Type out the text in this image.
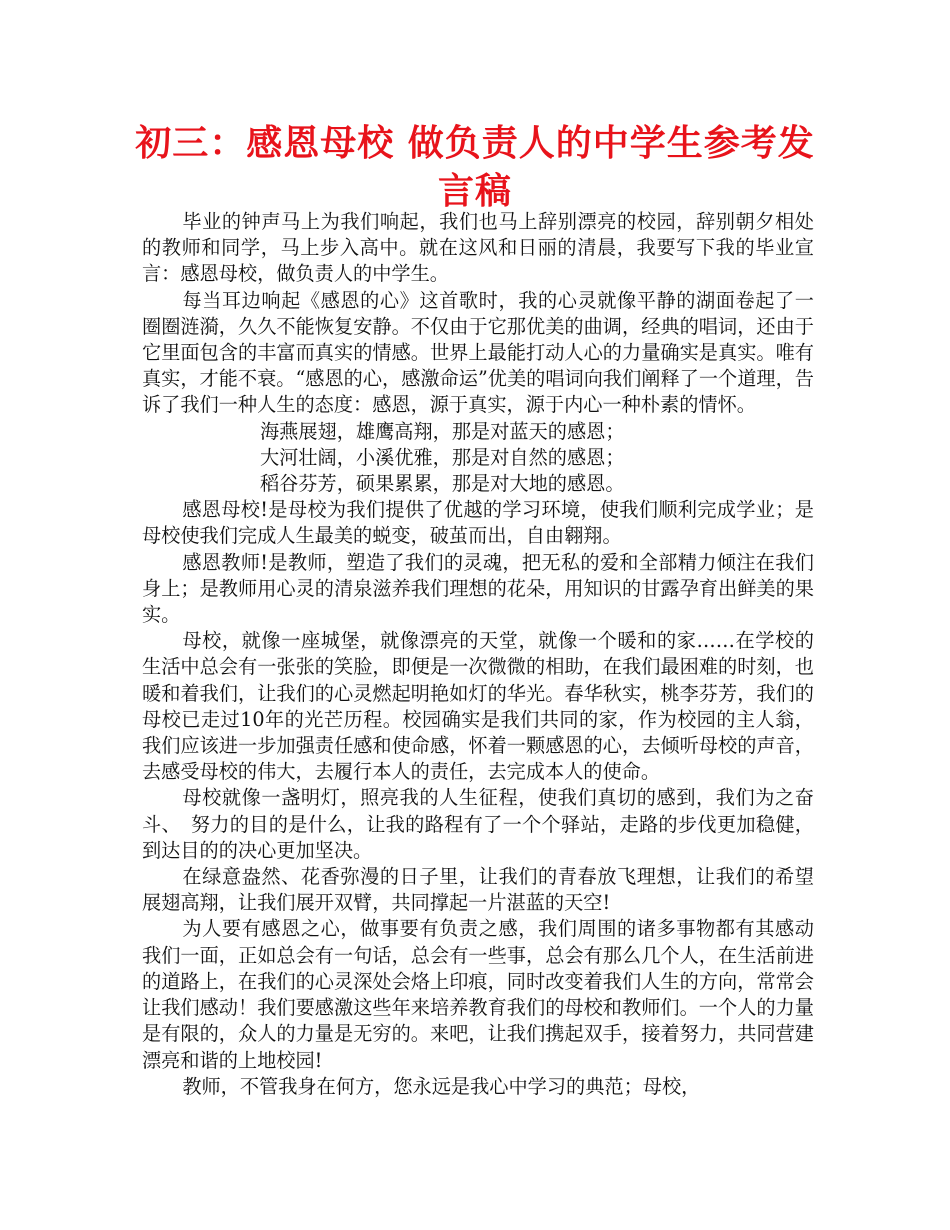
初三：感恩母校 做负责人的中学生参考发言稿

毕业的钟声马上为我们响起，我们也马上辞别漂亮的校园，辞别朝夕相处的教师和同学，马上步入高中。就在这风和日丽的清晨，我要写下我的毕业宣言：感恩母校，做负责人的中学生。

每当耳边响起《感恩的心》这首歌时，我的心灵就像平静的湖面卷起了一圈圈涟漪，久久不能恢复安静。不仅由于它那优美的曲调，经典的唱词，还由于它里面包含的丰富而真实的情感。世界上最能打动人心的力量确实是真实。唯有真实，才能不衰。“感恩的心，感激命运”优美的唱词向我们阐释了一个道理，告诉了我们一种人生的态度：感恩，源于真实，源于内心一种朴素的情怀。

海燕展翅，雄鹰高翔，那是对蓝天的感恩；

大河壮阔，小溪优雅，那是对自然的感恩；

稻谷芬芳，硕果累累，那是对大地的感恩。

感恩母校!是母校为我们提供了优越的学习环境，使我们顺利完成学业；是母校使我们完成人生最美的蜕变，破茧而出，自由翱翔。

感恩教师!是教师，塑造了我们的灵魂，把无私的爱和全部精力倾注在我们身上；是教师用心灵的清泉滋养我们理想的花朵，用知识的甘露孕育出鲜美的果实。

母校，就像一座城堡，就像漂亮的天堂，就像一个暖和的家……在学校的生活中总会有一张张的笑脸，即便是一次微微的相助，在我们最困难的时刻，也暖和着我们，让我们的心灵燃起明艳如灯的华光。春华秋实，桃李芬芳，我们的母校已走过10年的光芒历程。校园确实是我们共同的家，作为校园的主人翁，我们应该进一步加强责任感和使命感，怀着一颗感恩的心，去倾听母校的声音，去感受母校的伟大，去履行本人的责任，去完成本人的使命。

母校就像一盏明灯，照亮我的人生征程，使我们真切的感到，我们为之奋斗、　努力的目的是什么，让我的路程有了一个个驿站，走路的步伐更加稳健，到达目的的决心更加坚决。

在绿意盎然、花香弥漫的日子里，让我们的青春放飞理想，让我们的希望展翅高翔，让我们展开双臂，共同撑起一片湛蓝的天空!

为人要有感恩之心，做事要有负责之感，我们周围的诸多事物都有其感动我们一面，正如总会有一句话，总会有一些事，总会有那么几个人，在生活前进的道路上，在我们的心灵深处会烙上印痕，同时改变着我们人生的方向，常常会让我们感动！我们要感激这些年来培养教育我们的母校和教师们。一个人的力量是有限的，众人的力量是无穷的。来吧，让我们携起双手，接着努力，共同营建漂亮和谐的上地校园!

教师，不管我身在何方，您永远是我心中学习的典范；母校，
